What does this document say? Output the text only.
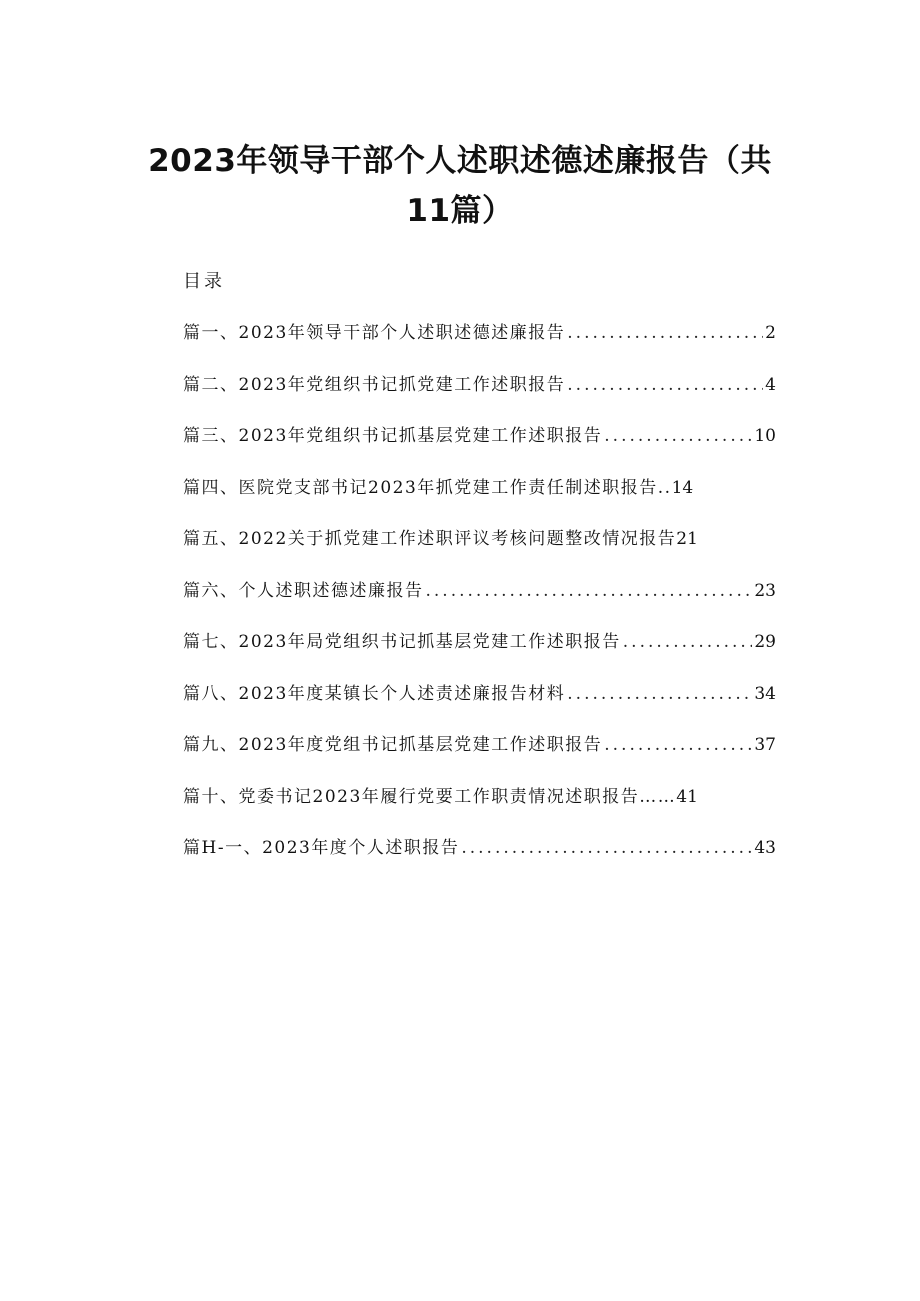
2023年领导干部个人述职述德述廉报告（共
11篇）
目录
篇一、2023年领导干部个人述职述德述廉报告 .....	2
篇二、2023年党组织书记抓党建工作述职报告 .....	4
篇三、2023年党组织书记抓基层党建工作述职报告 .....	10
篇四、医院党支部书记2023年抓党建工作责任制述职报告.. 14
篇五、2022关于抓党建工作述职评议考核问题整改情况报告 21
篇六、个人述职述德述廉报告 .....	23
篇七、2023年局党组织书记抓基层党建工作述职报告 .....	29
篇八、2023年度某镇长个人述责述廉报告材料 .....	34
篇九、2023年度党组书记抓基层党建工作述职报告 .....	37
篇十、党委书记2023年履行党要工作职责情况述职报告…… 41
篇H-一、2023年度个人述职报告 .....	43
